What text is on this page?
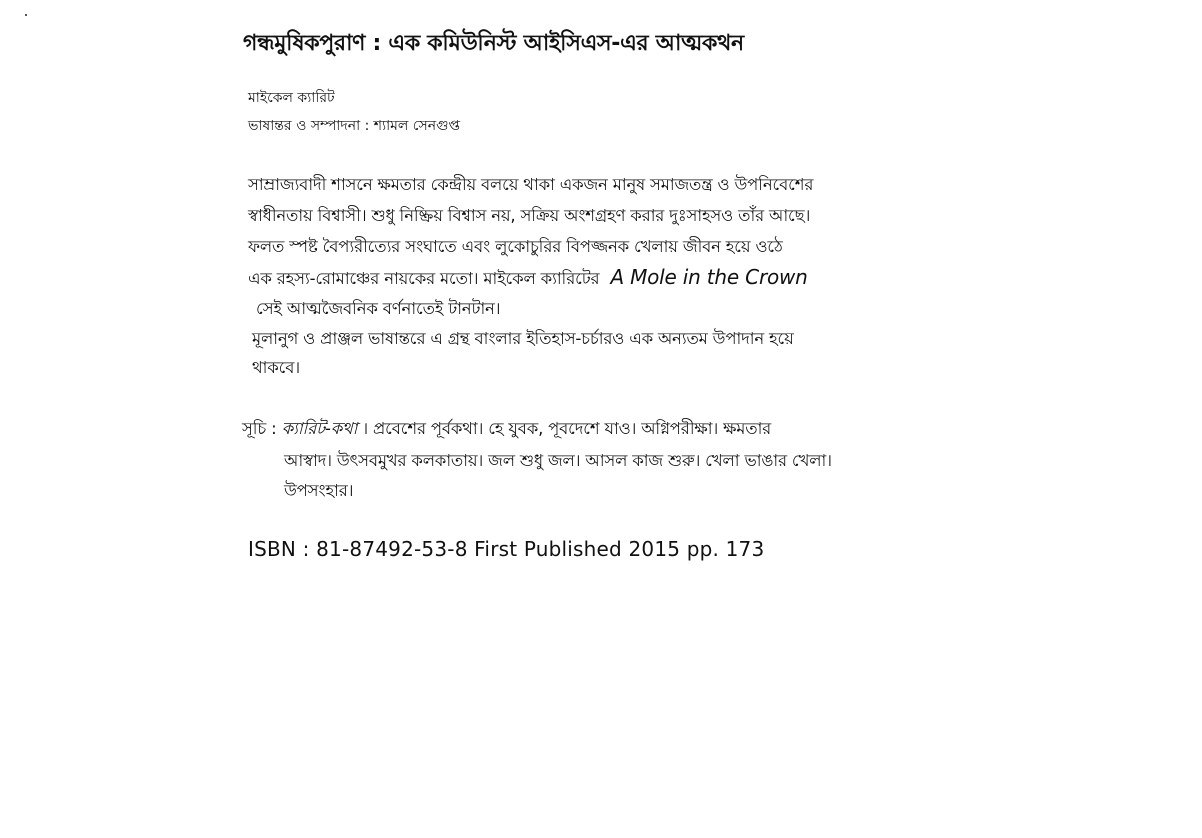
গন্ধমুষিকপুরাণ : এক কমিউনিস্ট আইসিএস-এর আত্মকথন
মাইকেল ক্যারিট
ভাষান্তর ও সম্পাদনা : শ্যামল সেনগুপ্ত
সাম্রাজ্যবাদী শাসনে ক্ষমতার কেন্দ্রীয় বলয়ে থাকা একজন মানুষ সমাজতন্ত্র ও উপনিবেশের
স্বাধীনতায় বিশ্বাসী। শুধু নিষ্ক্রিয় বিশ্বাস নয়, সক্রিয় অংশগ্রহণ করার দুঃসাহসও তাঁর আছে।
ফলত স্পষ্ট বৈপ্যরীত্যের সংঘাতে এবং লুকোচুরির বিপজ্জনক খেলায় জীবন হয়ে ওঠে
এক রহস্য-রোমাঞ্চের নায়কের মতো। মাইকেল ক্যারিটের A Mole in the Crown
সেই আত্মজৈবনিক বর্ণনাতেই টানটান।
মূলানুগ ও প্রাঞ্জল ভাষান্তরে এ গ্রন্থ বাংলার ইতিহাস-চর্চারও এক অন্যতম উপাদান হয়ে
থাকবে।
সূচি : ক্যারিট-কথা । প্রবেশের পূর্বকথা। হে যুবক, পূবদেশে যাও। অগ্নিপরীক্ষা। ক্ষমতার
আস্বাদ। উৎসবমুখর কলকাতায়। জল শুধু জল। আসল কাজ শুরু। খেলা ভাঙার খেলা।
উপসংহার।
ISBN : 81-87492-53-8 First Published 2015 pp. 173
